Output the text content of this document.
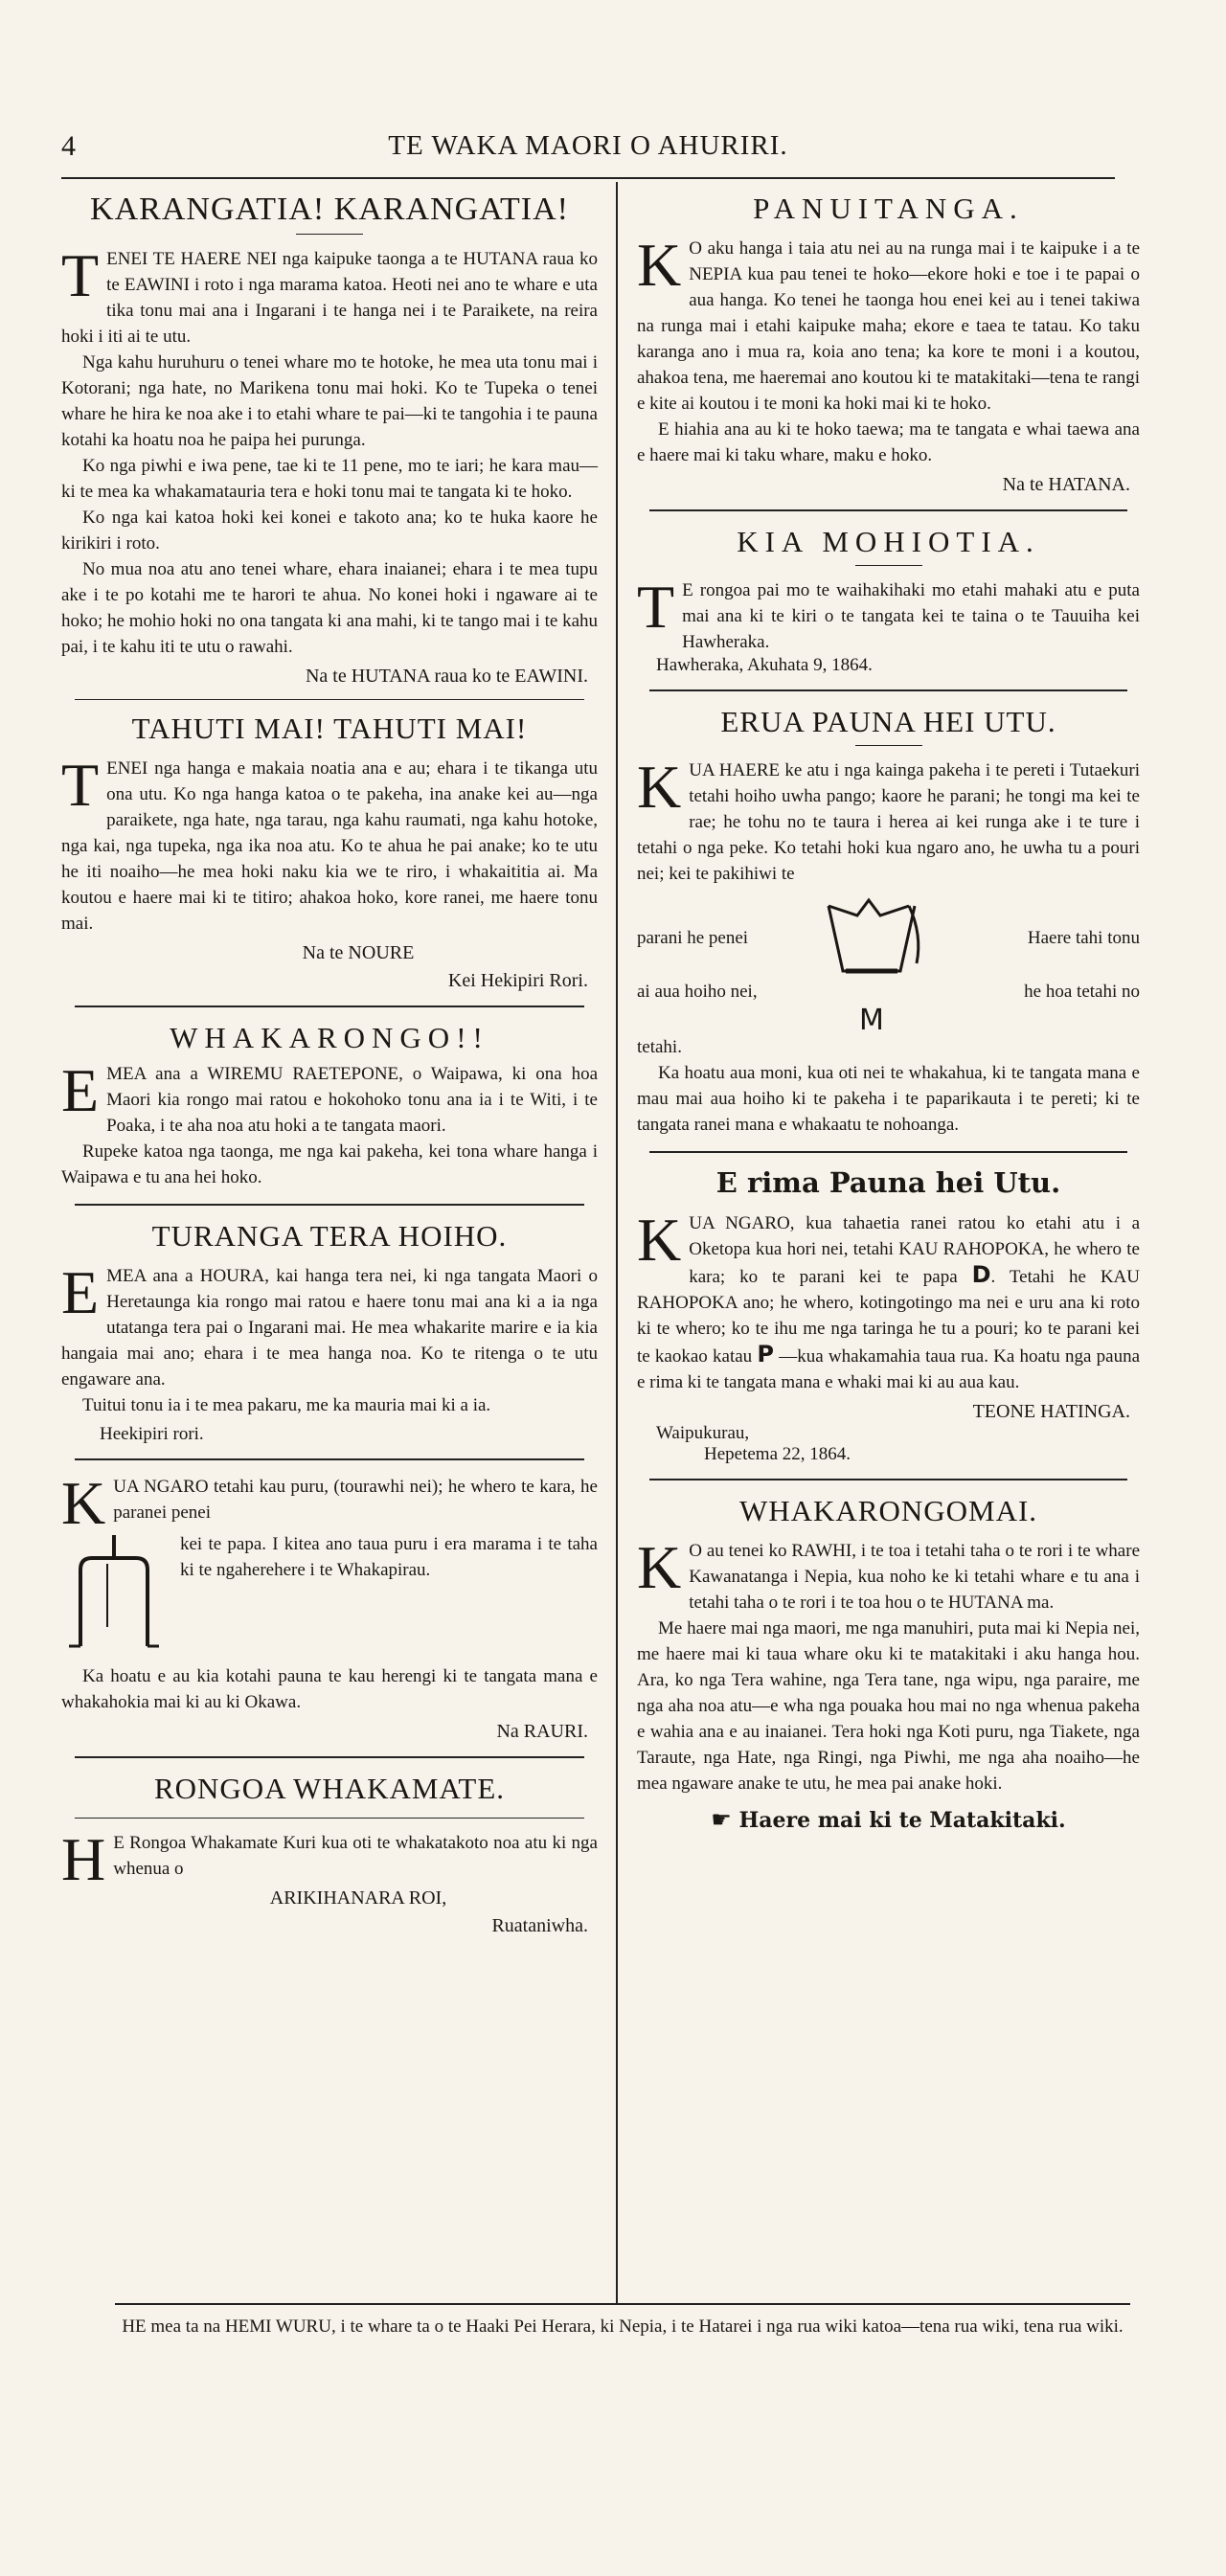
4	TE WAKA MAORI O AHURIRI.
KARANGATIA! KARANGATIA!
T ENEI TE HAERE NEI nga kaipuke taonga a te HUTANA raua ko te EAWINI i roto i nga marama katoa. Heoti nei ano te whare e uta tika tonu mai ana i Ingarani i te hanga nei i te Paraikete, na reira hoki i iti ai te utu.

Nga kahu huruhuru o tenei whare mo te hotoke, he mea uta tonu mai i Kotorani; nga hate, no Marikena tonu mai hoki. Ko te Tupeka o tenei whare he hira ke noa ake i to etahi whare te pai—ki te tangohia i te pauna kotahi ka hoatu noa he paipa hei purunga.

Ko nga piwhi e iwa pene, tae ki te 11 pene, mo te iari; he kara mau—ki te mea ka whakamatauria tera e hoki tonu mai te tangata ki te hoko.

Ko nga kai katoa hoki kei konei e takoto ana; ko te huka kaore he kirikiri i roto.

No mua noa atu ano tenei whare, ehara inaianei; ehara i te mea tupu ake i te po kotahi me te harori te ahua. No konei hoki i ngaware ai te hoko; he mohio hoki no ona tangata ki ana mahi, ki te tango mai i te kahu pai, i te kahu iti te utu o rawahi.

Na te HUTANA raua ko te EAWINI.
TAHUTI MAI! TAHUTI MAI!
T ENEI nga hanga e makaia noatia ana e au; ehara i te tikanga utu ona utu. Ko nga hanga katoa o te pakeha, ina anake kei au—nga paraikete, nga hate, nga tarau, nga kahu raumati, nga kahu hotoke, nga kai, nga tupeka, nga ika noa atu. Ko te ahua he pai anake; ko te utu he iti noaiho—he mea hoki naku kia we te riro, i whakaititia ai. Ma koutou e haere mai ki te titiro; ahakoa hoko, kore ranei, me haere tonu mai.

Na te NOURE
Kei Hekipiri Rori.
WHAKARONGO!!
E MEA ana a WIREMU RAETEPONE, o Waipawa, ki ona hoa Maori kia rongo mai ratou e hokohoko tonu ana ia i te Witi, i te Poaka, i te aha noa atu hoki a te tangata maori.

Rupeke katoa nga taonga, me nga kai pakeha, kei tona whare hanga i Waipawa e tu ana hei hoko.

TURANGA TERA HOIHO.
E MEA ana a HOURA, kai hanga tera nei, ki nga tangata Maori o Heretaunga kia rongo mai ratou e haere tonu mai ana ki a ia nga utatanga tera pai o Ingarani mai. He mea whakarite marire e ia kia hangaia mai ano; ehara i te mea hanga noa. Ko te ritenga o te utu engaware ana.

Tuitui tonu ia i te mea pakaru, me ka mauria mai ki a ia.

Heekipiri rori.
K UA NGARO tetahi kau puru, (tourawhi nei); he whero te kara, he paranei penei

kei te papa. I kitea ano taua puru i era marama i te taha ki te ngaherehere i te Whakapirau.

Ka hoatu e au kia kotahi pauna te kau herengi ki te tangata mana e whakahokia mai ki au ki Okawa.

Na RAURI.
RONGOA WHAKAMATE.
H E Rongoa Whakamate Kuri kua oti te whakatakoto noa atu ki nga whenua o

ARIKIHANARA ROI,
Ruataniwha.
PANUITANGA.
K O aku hanga i taia atu nei au na runga mai i te kaipuke i a te NEPIA kua pau tenei te hoko—ekore hoki e toe i te papai o aua hanga. Ko tenei he taonga hou enei kei au i tenei takiwa na runga mai i etahi kaipuke maha; ekore e taea te tatau. Ko taku karanga ano i mua ra, koia ano tena; ka kore te moni i a koutou, ahakoa tena, me haeremai ano koutou ki te matakitaki—tena te rangi e kite ai koutou i te moni ka hoki mai ki te hoko.

E hiahia ana au ki te hoko taewa; ma te tangata e whai taewa ana e haere mai ki taku whare, maku e hoko.

Na te HATANA.
KIA MOHIOTIA.
T E rongoa pai mo te waihakihaki mo etahi mahaki atu e puta mai ana ki te kiri o te tangata kei te taina o te Tauuiha kei Hawheraka.

Hawheraka, Akuhata 9, 1864.
ERUA PAUNA HEI UTU.
K UA HAERE ke atu i nga kainga pakeha i te pereti i Tutaekuri tetahi hoiho uwha pango; kaore he parani; he tongi ma kei te rae; he tohu no te taura i herea ai kei runga ake i te ture i tetahi o nga peke. Ko tetahi hoki kua ngaro ano, he uwha tu a pouri nei; kei te pakihiwi te

parani he penei
ai aua hoiho nei,
M
Haere tahi tonu
he hoa tetahi no

tetahi.

Ka hoatu aua moni, kua oti nei te whakahua, ki te tangata mana e mau mai aua hoiho ki te pakeha i te paparikauta i te pereti; ki te tangata ranei mana e whakaatu te nohoanga.

E rima Pauna hei Utu.
K UA NGARO, kua tahaetia ranei ratou ko etahi atu i a Oketopa kua hori nei, tetahi KAU RAHOPOKA, he whero te kara; ko te parani kei te papa D. Tetahi he KAU RAHOPOKA ano; he whero, kotingotingo ma nei e uru ana ki roto ki te whero; ko te ihu me nga taringa he tu a pouri; ko te parani kei te kaokao katau P —kua whakamahia taua rua. Ka hoatu nga pauna e rima ki te tangata mana e whaki mai ki au aua kau.

TEONE HATINGA.
Waipukurau,
Hepetema 22, 1864.
WHAKARONGOMAI.
K O au tenei ko RAWHI, i te toa i tetahi taha o te rori i te whare Kawanatanga i Nepia, kua noho ke ki tetahi whare e tu ana i tetahi taha o te rori i te toa hou o te HUTANA ma.

Me haere mai nga maori, me nga manuhiri, puta mai ki Nepia nei, me haere mai ki taua whare oku ki te matakitaki i aku hanga hou. Ara, ko nga Tera wahine, nga Tera tane, nga wipu, nga paraire, me nga aha noa atu—e wha nga pouaka hou mai no nga whenua pakeha e wahia ana e au inaianei. Tera hoki nga Koti puru, nga Tiakete, nga Taraute, nga Hate, nga Ringi, nga Piwhi, me nga aha noaiho—he mea ngaware anake te utu, he mea pai anake hoki.

☛ Haere mai ki te Matakitaki.
HE mea ta na HEMI WURU, i te whare ta o te Haaki Pei Herara, ki Nepia, i te Hatarei i nga rua wiki katoa—tena rua wiki, tena rua wiki.
